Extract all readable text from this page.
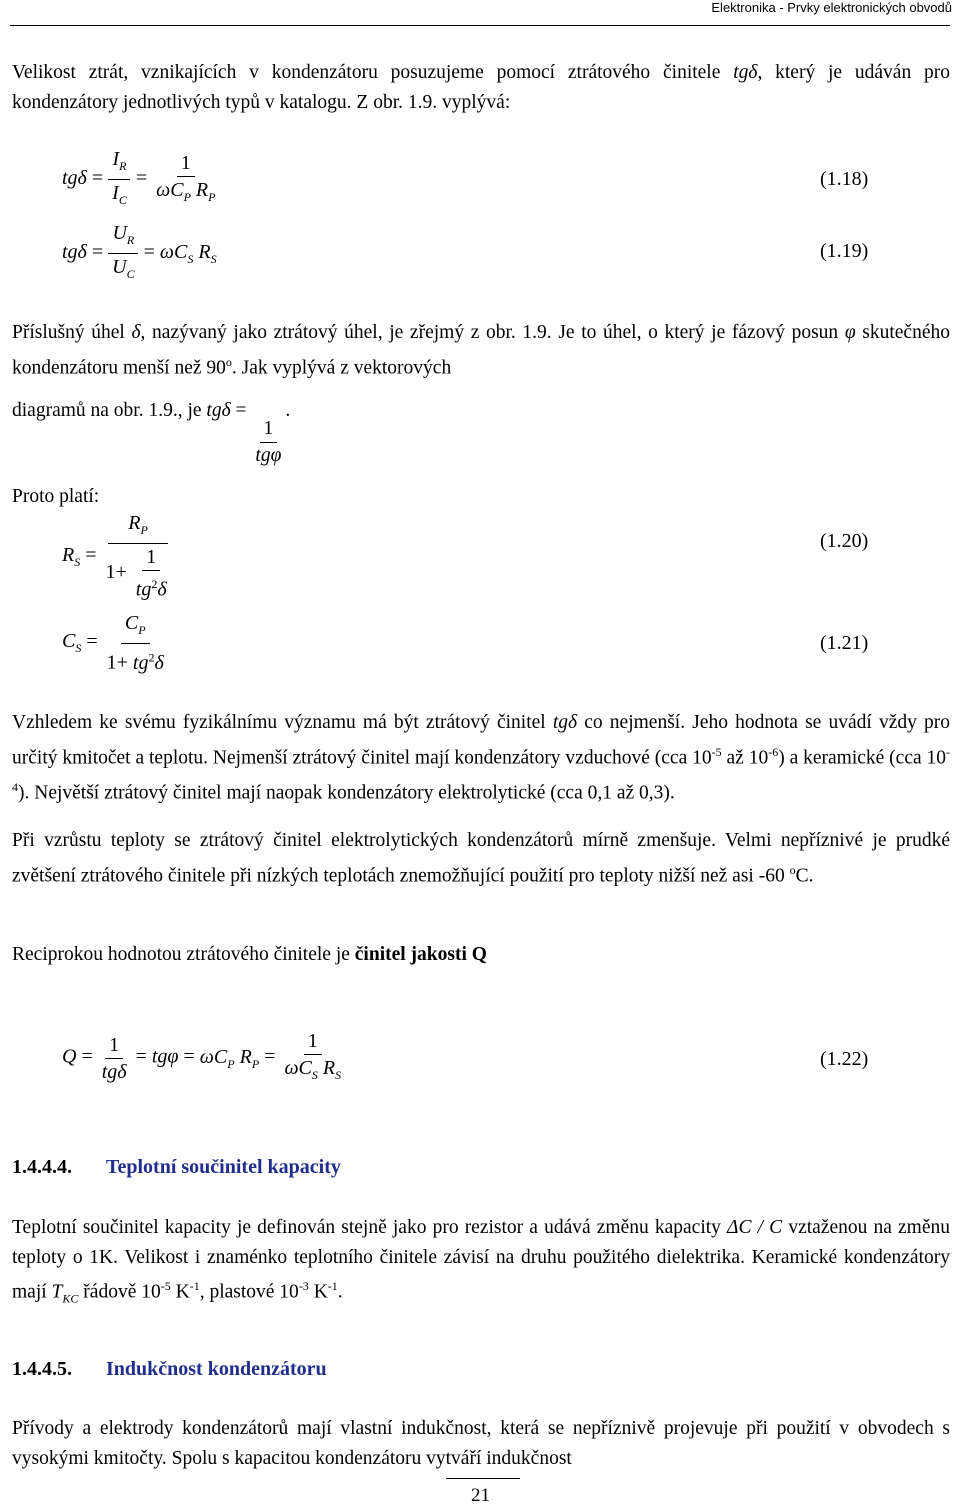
Elektronika - Prvky elektronických obvodů
Velikost ztrát, vznikajících v kondenzátoru posuzujeme pomocí ztrátového činitele tgδ, který je udáván pro kondenzátory jednotlivých typů v katalogu. Z obr. 1.9. vyplývá:
$tg\delta = \frac{I_R}{I_C} = \frac{1}{\omega C_P R_P}$	(1.18)
$tg\delta = \frac{U_R}{U_C} = \omega C_S$ $R_S$	(1.19)
Příslušný úhel δ, nazývaný jako ztrátový úhel, je zřejmý z obr. 1.9. Je to úhel, o který je fázový posun φ skutečného kondenzátoru menší než 90$^o$. Jak vyplývá z vektorových
diagramů na obr. 1.9., je tgδ =
$\frac{1}{\text{tgφ}}$
.
Proto platí:
$R_S = \frac{R_P}{1+ \frac{1}{tg^2\delta}}$	(1.20)
$C_S = \frac{C_P}{1+ tg^2\delta}$	(1.21)
Vzhledem ke svému fyzikálnímu významu má být ztrátový činitel tgδ co nejmenší. Jeho hodnota se uvádí vždy pro určitý kmitočet a teplotu. Nejmenší ztrátový činitel mají kondenzátory vzduchové (cca $10^{-5}$ až $10^{-6}$) a keramické (cca $10^{-4}$). Největší ztrátový činitel mají naopak kondenzátory elektrolytické (cca 0,1 až 0,3).
Při vzrůstu teploty se ztrátový činitel elektrolytických kondenzátorů mírně zmenšuje. Velmi nepříznivé je prudké zvětšení ztrátového činitele při nízkých teplotách znemožňující použití pro teploty nižší než asi -60 $^o$C.
Reciprokou hodnotou ztrátového činitele je činitel jakosti Q
$Q = \frac{1}{\text{tgδ}} = tg\varphi = \omega C_P$ $R_P = \frac{1}{\omega C_S R_S}$	(1.22)
1.4.4.4. Teplotní součinitel kapacity
Teplotní součinitel kapacity je definován stejně jako pro rezistor a udává změnu kapacity ΔC / C vztaženou na změnu teploty o 1K. Velikost i znaménko teplotního činitele závisí na druhu použitého dielektrika. Keramické kondenzátory mají $T_{KC}$ řádově $10^{-5}$ $K^{-1}$, plastové $10^{-3}$ $K^{-1}$.
1.4.4.5. Indukčnost kondenzátoru
Přívody a elektrody kondenzátorů mají vlastní indukčnost, která se nepříznivě projevuje při použití v obvodech s vysokými kmitočty. Spolu s kapacitou kondenzátoru vytváří indukčnost
21
